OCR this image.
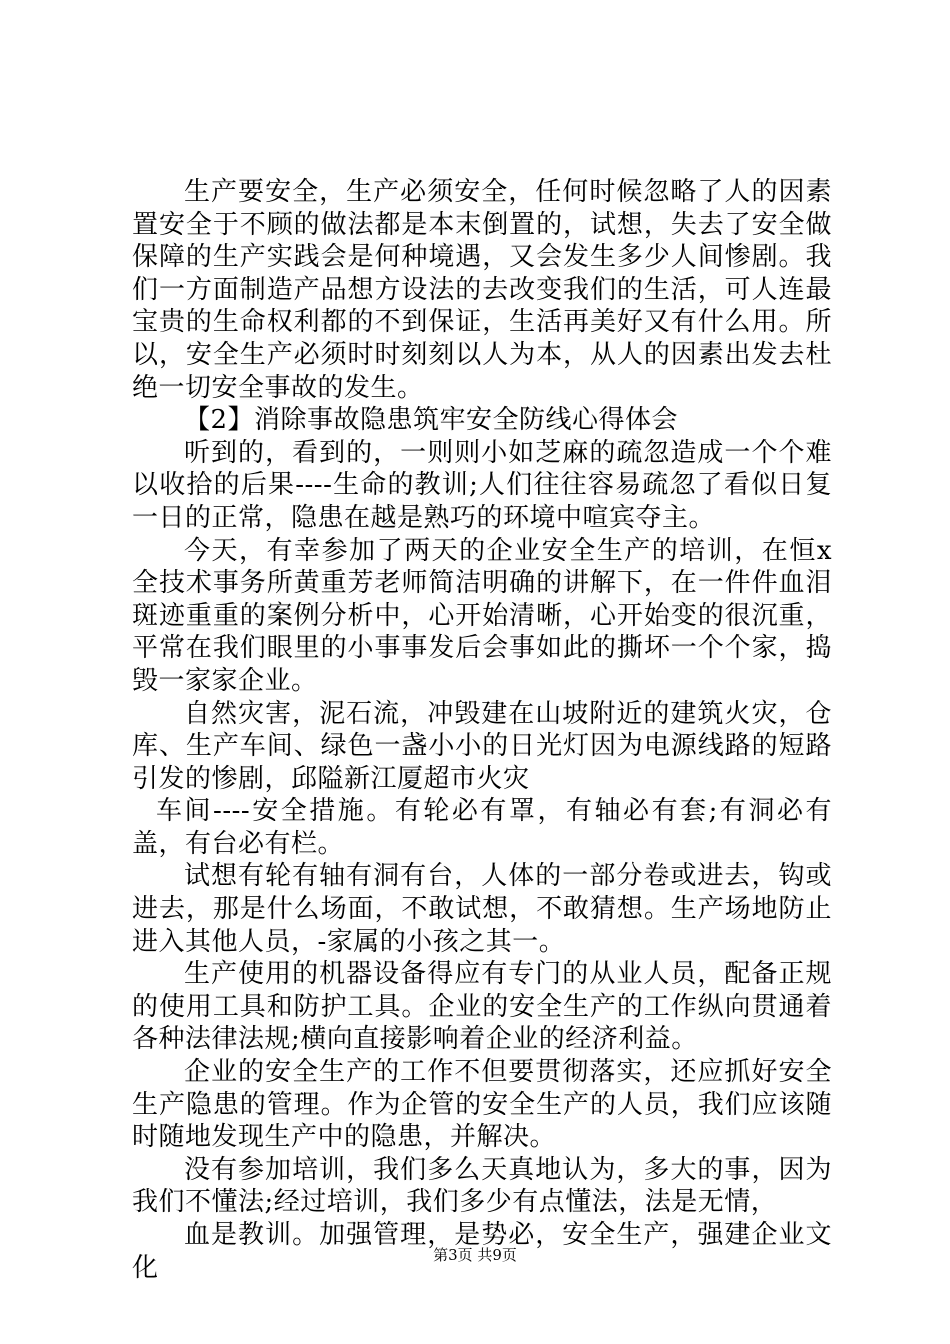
生产要安全，生产必须安全，任何时候忽略了人的因素置安全于不顾的做法都是本末倒置的，试想，失去了安全做保障的生产实践会是何种境遇，又会发生多少人间惨剧。我们一方面制造产品想方设法的去改变我们的生活，可人连最宝贵的生命权利都的不到保证，生活再美好又有什么用。所以，安全生产必须时时刻刻以人为本，从人的因素出发去杜绝一切安全事故的发生。

【2】消除事故隐患筑牢安全防线心得体会

听到的，看到的，一则则小如芝麻的疏忽造成一个个难以收拾的后果----生命的教训;人们往往容易疏忽了看似日复一日的正常，隐患在越是熟巧的环境中喧宾夺主。

今天，有幸参加了两天的企业安全生产的培训，在恒x全技术事务所黄重芳老师简洁明确的讲解下，在一件件血泪斑迹重重的案例分析中，心开始清晰，心开始变的很沉重，平常在我们眼里的小事事发后会事如此的撕坏一个个家，捣毁一家家企业。

自然灾害，泥石流，冲毁建在山坡附近的建筑火灾，仓库、生产车间、绿色一盏小小的日光灯因为电源线路的短路引发的惨剧，邱隘新江厦超市火灾

车间----安全措施。有轮必有罩，有轴必有套;有洞必有盖，有台必有栏。

试想有轮有轴有洞有台，人体的一部分卷或进去，钩或进去，那是什么场面，不敢试想，不敢猜想。生产场地防止进入其他人员，-家属的小孩之其一。

生产使用的机器设备得应有专门的从业人员，配备正规的使用工具和防护工具。企业的安全生产的工作纵向贯通着各种法律法规;横向直接影响着企业的经济利益。

企业的安全生产的工作不但要贯彻落实，还应抓好安全生产隐患的管理。作为企管的安全生产的人员，我们应该随时随地发现生产中的隐患，并解决。

没有参加培训，我们多么天真地认为，多大的事，因为我们不懂法;经过培训，我们多少有点懂法，法是无情，

血是教训。加强管理，是势必，安全生产，强建企业文化	第3页 共9页
